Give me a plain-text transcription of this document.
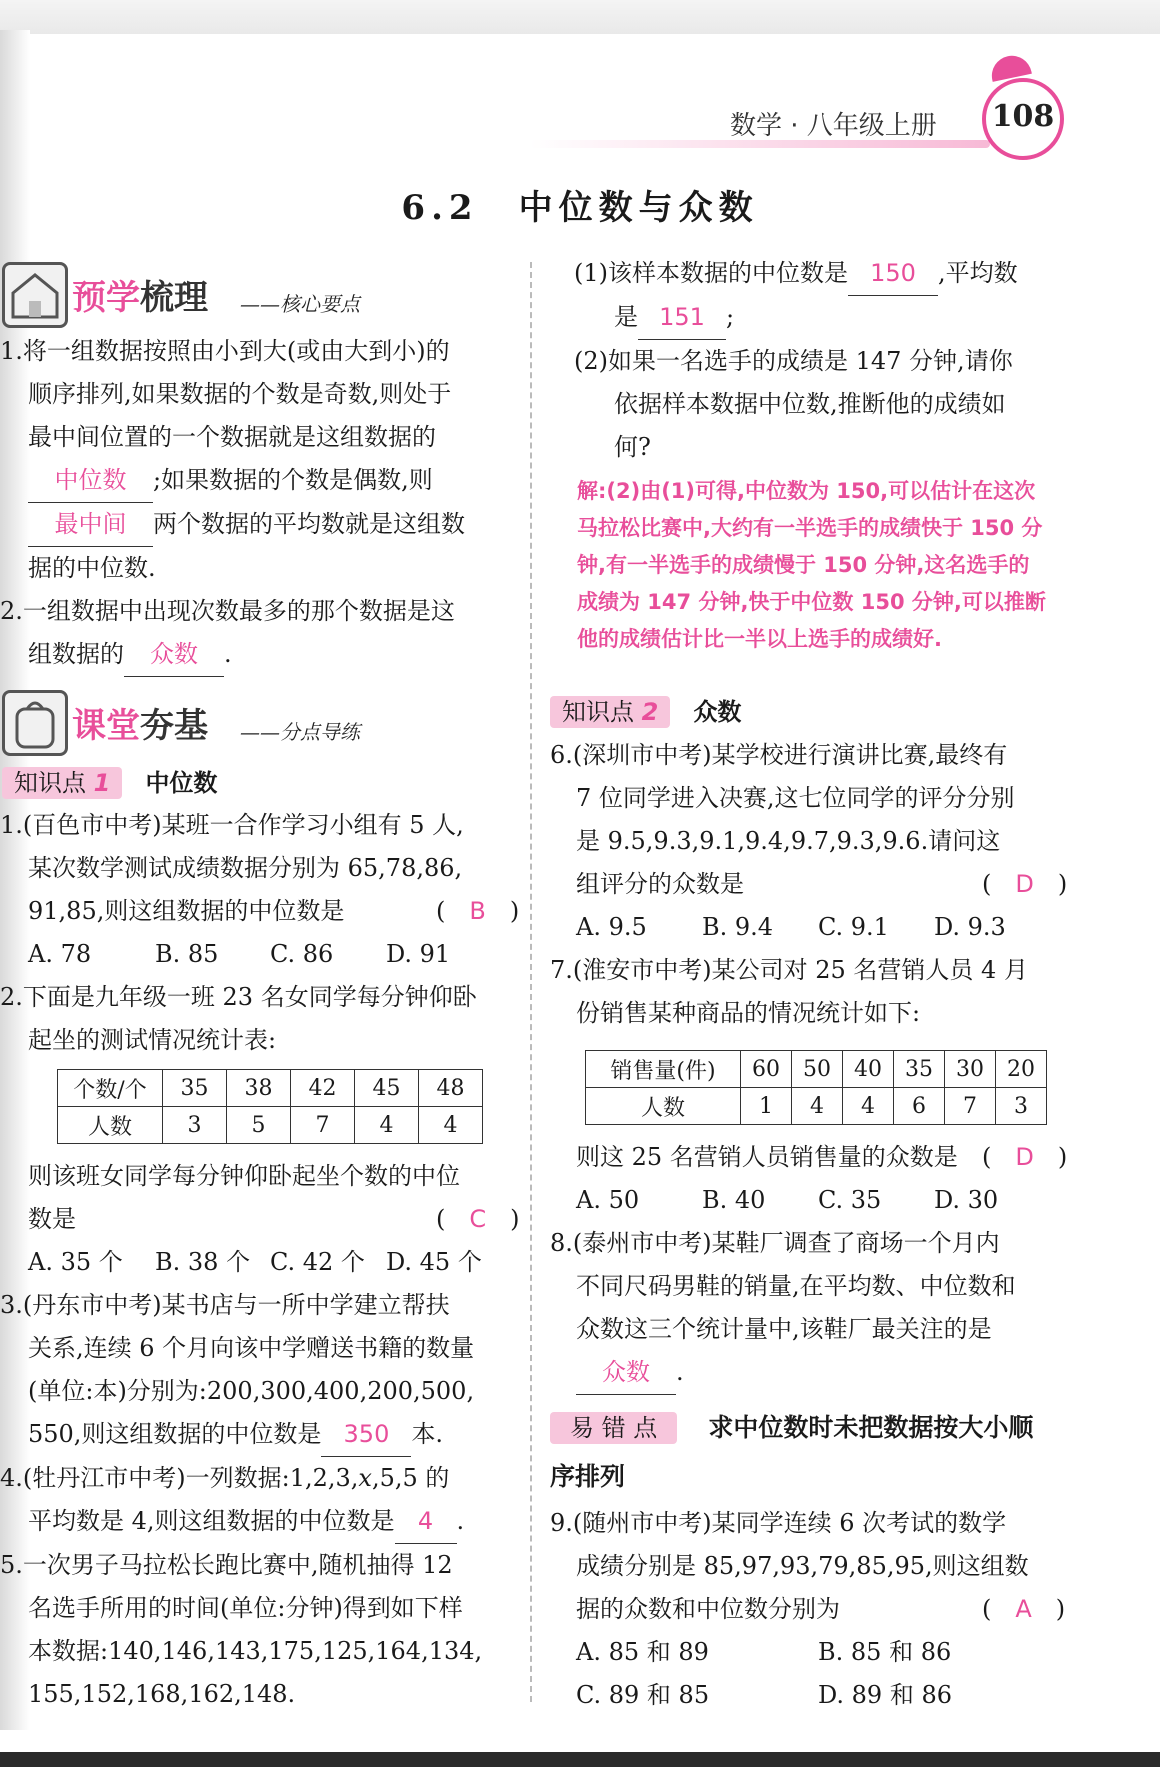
数学 · 八年级上册	108
6.2　中位数与众数
预学梳理 ——核心要点
1.将一组数据按照由小到大(或由大到小)的
顺序排列,如果数据的个数是奇数,则处于
最中间位置的一个数据就是这组数据的
中位数 ;如果数据的个数是偶数,则
最中间 两个数据的平均数就是这组数
据的中位数.
2.一组数据中出现次数最多的那个数据是这
组数据的 众数 .
课堂夯基 ——分点导练
知识点 1 中位数
1.(百色市中考)某班一合作学习小组有 5 人,
某次数学测试成绩数据分别为 65,78,86,
91,85,则这组数据的中位数是	(　B　)
A. 78	B. 85 C. 86 D. 91
2.下面是九年级一班 23 名女同学每分钟仰卧
起坐的测试情况统计表:
个数/个	35	38	42	45	48
人数	3	5	7	4	4
则该班女同学每分钟仰卧起坐个数的中位
数是	(　C　)
A. 35 个 B. 38 个 C. 42 个 D. 45 个
3.(丹东市中考)某书店与一所中学建立帮扶
关系,连续 6 个月向该中学赠送书籍的数量
(单位:本)分别为:200,300,400,200,500,
550,则这组数据的中位数是 350 本.
4.(牡丹江市中考)一列数据:1,2,3,𝑥,5,5 的
平均数是 4,则这组数据的中位数是 4 .
5.一次男子马拉松长跑比赛中,随机抽得 12
名选手所用的时间(单位:分钟)得到如下样
本数据:140,146,143,175,125,164,134,
155,152,168,162,148.
(1)该样本数据的中位数是 150 ,平均数
是 151 ;
(2)如果一名选手的成绩是 147 分钟,请你
依据样本数据中位数,推断他的成绩如
何?
解:(2)由(1)可得,中位数为 150,可以估计在这次
马拉松比赛中,大约有一半选手的成绩快于 150 分
钟,有一半选手的成绩慢于 150 分钟,这名选手的
成绩为 147 分钟,快于中位数 150 分钟,可以推断
他的成绩估计比一半以上选手的成绩好.
知识点 2 众数
6.(深圳市中考)某学校进行演讲比赛,最终有
7 位同学进入决赛,这七位同学的评分分别
是 9.5,9.3,9.1,9.4,9.7,9.3,9.6.请问这
组评分的众数是	(　D　)
A. 9.5 B. 9.4 C. 9.1 D. 9.3
7.(淮安市中考)某公司对 25 名营销人员 4 月
份销售某种商品的情况统计如下:
销售量(件)	60	50	40	35	30	20
人数	1	4	4	6	7	3
则这 25 名营销人员销售量的众数是 (　D　)
A. 50	B. 40 C. 35 D. 30
8.(泰州市中考)某鞋厂调查了商场一个月内
不同尺码男鞋的销量,在平均数、中位数和
众数这三个统计量中,该鞋厂最关注的是
众数 .
易 错 点 求中位数时未把数据按大小顺
序排列
9.(随州市中考)某同学连续 6 次考试的数学
成绩分别是 85,97,93,79,85,95,则这组数
据的众数和中位数分别为	(　A　)
A. 85 和 89	B. 85 和 86
C. 89 和 85	D. 89 和 86
